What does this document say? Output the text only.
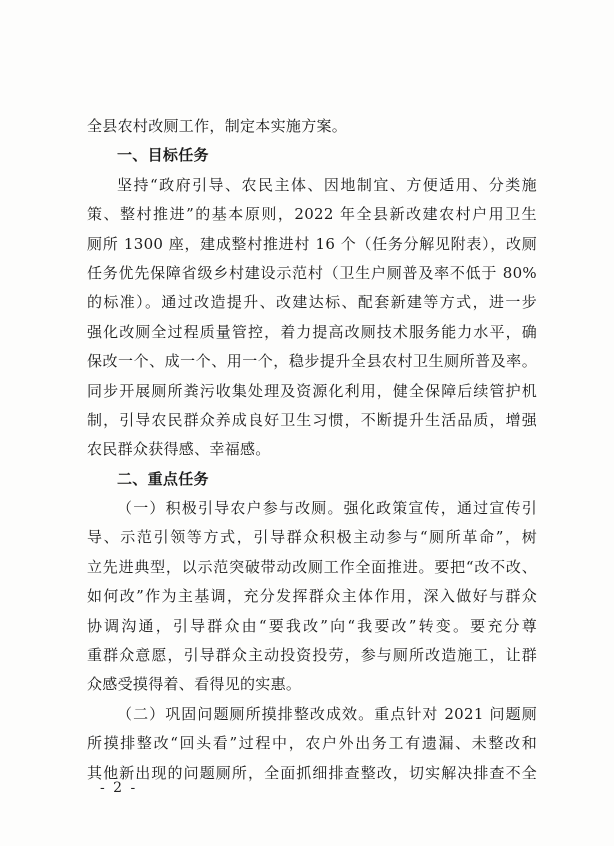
全县农村改厕工作，制定本实施方案。
一、目标任务
坚持“政府引导、农民主体、因地制宜、方便适用、分类施
策、整村推进”的基本原则，2022 年全县新改建农村户用卫生
厕所 1300 座，建成整村推进村 16 个（任务分解见附表），改厕
任务优先保障省级乡村建设示范村（卫生户厕普及率不低于 80%
的标准）。通过改造提升、改建达标、配套新建等方式，进一步
强化改厕全过程质量管控，着力提高改厕技术服务能力水平，确
保改一个、成一个、用一个，稳步提升全县农村卫生厕所普及率。
同步开展厕所粪污收集处理及资源化利用，健全保障后续管护机
制，引导农民群众养成良好卫生习惯，不断提升生活品质，增强
农民群众获得感、幸福感。
二、重点任务
（一）积极引导农户参与改厕。强化政策宣传，通过宣传引
导、示范引领等方式，引导群众积极主动参与“厕所革命”，树
立先进典型，以示范突破带动改厕工作全面推进。要把“改不改、
如何改”作为主基调，充分发挥群众主体作用，深入做好与群众
协调沟通，引导群众由“要我改”向“我要改”转变。要充分尊
重群众意愿，引导群众主动投资投劳，参与厕所改造施工，让群
众感受摸得着、看得见的实惠。
（二）巩固问题厕所摸排整改成效。重点针对 2021 问题厕
所摸排整改“回头看”过程中，农户外出务工有遗漏、未整改和
其他新出现的问题厕所，全面抓细排查整改，切实解决排查不全
- 2 -
